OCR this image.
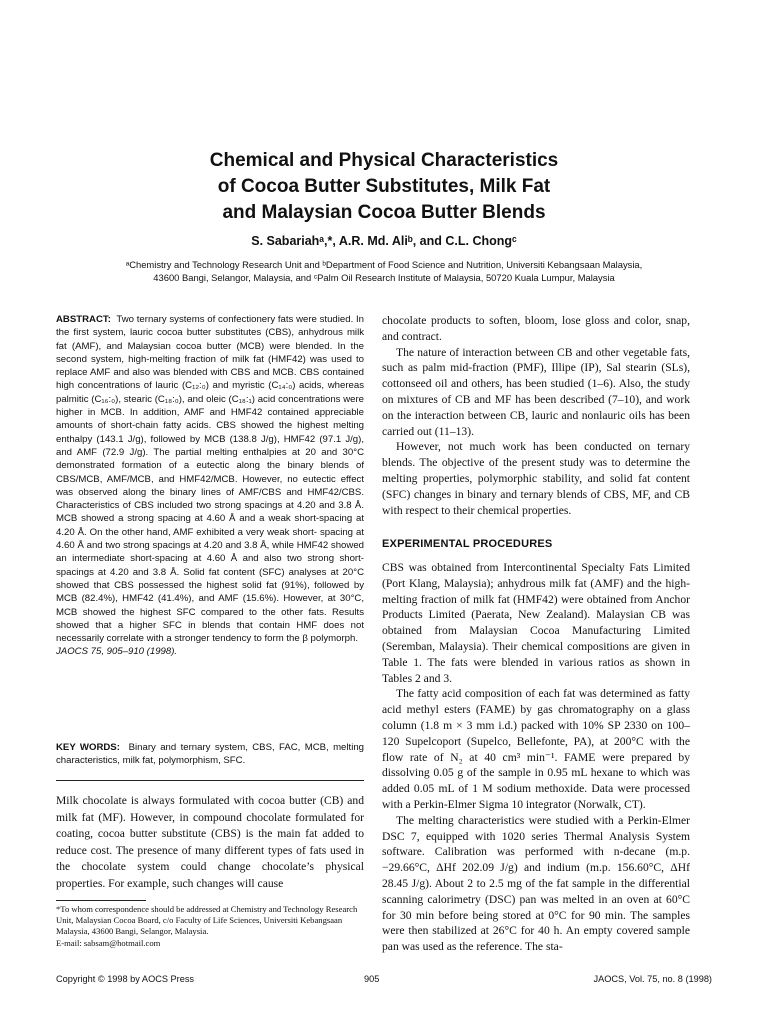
Chemical and Physical Characteristics
of Cocoa Butter Substitutes, Milk Fat
and Malaysian Cocoa Butter Blends
S. Sabariahᵃ,*, A.R. Md. Aliᵇ, and C.L. Chongᶜ
ᵃChemistry and Technology Research Unit and ᵇDepartment of Food Science and Nutrition, Universiti Kebangsaan Malaysia,
43600 Bangi, Selangor, Malaysia, and ᶜPalm Oil Research Institute of Malaysia, 50720 Kuala Lumpur, Malaysia
ABSTRACT: Two ternary systems of confectionery fats were studied. In the first system, lauric cocoa butter substitutes (CBS), anhydrous milk fat (AMF), and Malaysian cocoa butter (MCB) were blended. In the second system, high-melting fraction of milk fat (HMF42) was used to replace AMF and also was blended with CBS and MCB. CBS contained high concentrations of lauric (C₁₂:₀) and myristic (C₁₄:₀) acids, whereas palmitic (C₁₆:₀), stearic (C₁₈:₀), and oleic (C₁₈:₁) acid concentrations were higher in MCB. In addition, AMF and HMF42 contained appreciable amounts of short-chain fatty acids. CBS showed the highest melting enthalpy (143.1 J/g), followed by MCB (138.8 J/g), HMF42 (97.1 J/g), and AMF (72.9 J/g). The partial melting enthalpies at 20 and 30°C demonstrated formation of a eutectic along the binary blends of CBS/MCB, AMF/MCB, and HMF42/MCB. However, no eutectic effect was observed along the binary lines of AMF/CBS and HMF42/CBS. Characteristics of CBS included two strong spacings at 4.20 and 3.8 Å. MCB showed a strong spacing at 4.60 Å and a weak short-spacing at 4.20 Å. On the other hand, AMF exhibited a very weak short- spacing at 4.60 Å and two strong spacings at 4.20 and 3.8 Å, while HMF42 showed an intermediate short-spacing at 4.60 Å and also two strong short-spacings at 4.20 and 3.8 Å. Solid fat content (SFC) analyses at 20°C showed that CBS possessed the highest solid fat (91%), followed by MCB (82.4%), HMF42 (41.4%), and AMF (15.6%). However, at 30°C, MCB showed the highest SFC compared to the other fats. Results showed that a higher SFC in blends that contain HMF does not necessarily correlate with a stronger tendency to form the β polymorph.
JAOCS 75, 905–910 (1998).
KEY WORDS: Binary and ternary system, CBS, FAC, MCB, melting characteristics, milk fat, polymorphism, SFC.
Milk chocolate is always formulated with cocoa butter (CB) and milk fat (MF). However, in compound chocolate formulated for coating, cocoa butter substitute (CBS) is the main fat added to reduce cost. The presence of many different types of fats used in the chocolate system could change chocolate’s physical properties. For example, such changes will cause
*To whom correspondence should be addressed at Chemistry and Technology Research Unit, Malaysian Cocoa Board, c/o Faculty of Life Sciences, Universiti Kebangsaan Malaysia, 43600 Bangi, Selangor, Malaysia.
E-mail: sabsam@hotmail.com

chocolate products to soften, bloom, lose gloss and color, snap, and contract.

The nature of interaction between CB and other vegetable fats, such as palm mid-fraction (PMF), Illipe (IP), Sal stearin (SLs), cottonseed oil and others, has been studied (1–6). Also, the study on mixtures of CB and MF has been described (7–10), and work on the interaction between CB, lauric and nonlauric oils has been carried out (11–13).

However, not much work has been conducted on ternary blends. The objective of the present study was to determine the melting properties, polymorphic stability, and solid fat content (SFC) changes in binary and ternary blends of CBS, MF, and CB with respect to their chemical properties.

EXPERIMENTAL PROCEDURES

CBS was obtained from Intercontinental Specialty Fats Limited (Port Klang, Malaysia); anhydrous milk fat (AMF) and the high-melting fraction of milk fat (HMF42) were obtained from Anchor Products Limited (Paerata, New Zealand). Malaysian CB was obtained from Malaysian Cocoa Manufacturing Limited (Seremban, Malaysia). Their chemical compositions are given in Table 1. The fats were blended in various ratios as shown in Tables 2 and 3.

The fatty acid composition of each fat was determined as fatty acid methyl esters (FAME) by gas chromatography on a glass column (1.8 m × 3 mm i.d.) packed with 10% SP 2330 on 100–120 Supelcoport (Supelco, Bellefonte, PA), at 200°C with the flow rate of N₂ at 40 cm³ min⁻¹. FAME were prepared by dissolving 0.05 g of the sample in 0.95 mL hexane to which was added 0.05 mL of 1 M sodium methoxide. Data were processed with a Perkin-Elmer Sigma 10 integrator (Norwalk, CT).

The melting characteristics were studied with a Perkin-Elmer DSC 7, equipped with 1020 series Thermal Analysis System software. Calibration was performed with n-decane (m.p. −29.66°C, ΔHf 202.09 J/g) and indium (m.p. 156.60°C, ΔHf 28.45 J/g). About 2 to 2.5 mg of the fat sample in the differential scanning calorimetry (DSC) pan was melted in an oven at 60°C for 30 min before being stored at 0°C for 90 min. The samples were then stabilized at 26°C for 40 h. An empty covered sample pan was used as the reference. The sta-

Copyright © 1998 by AOCS Press	905	JAOCS, Vol. 75, no. 8 (1998)
